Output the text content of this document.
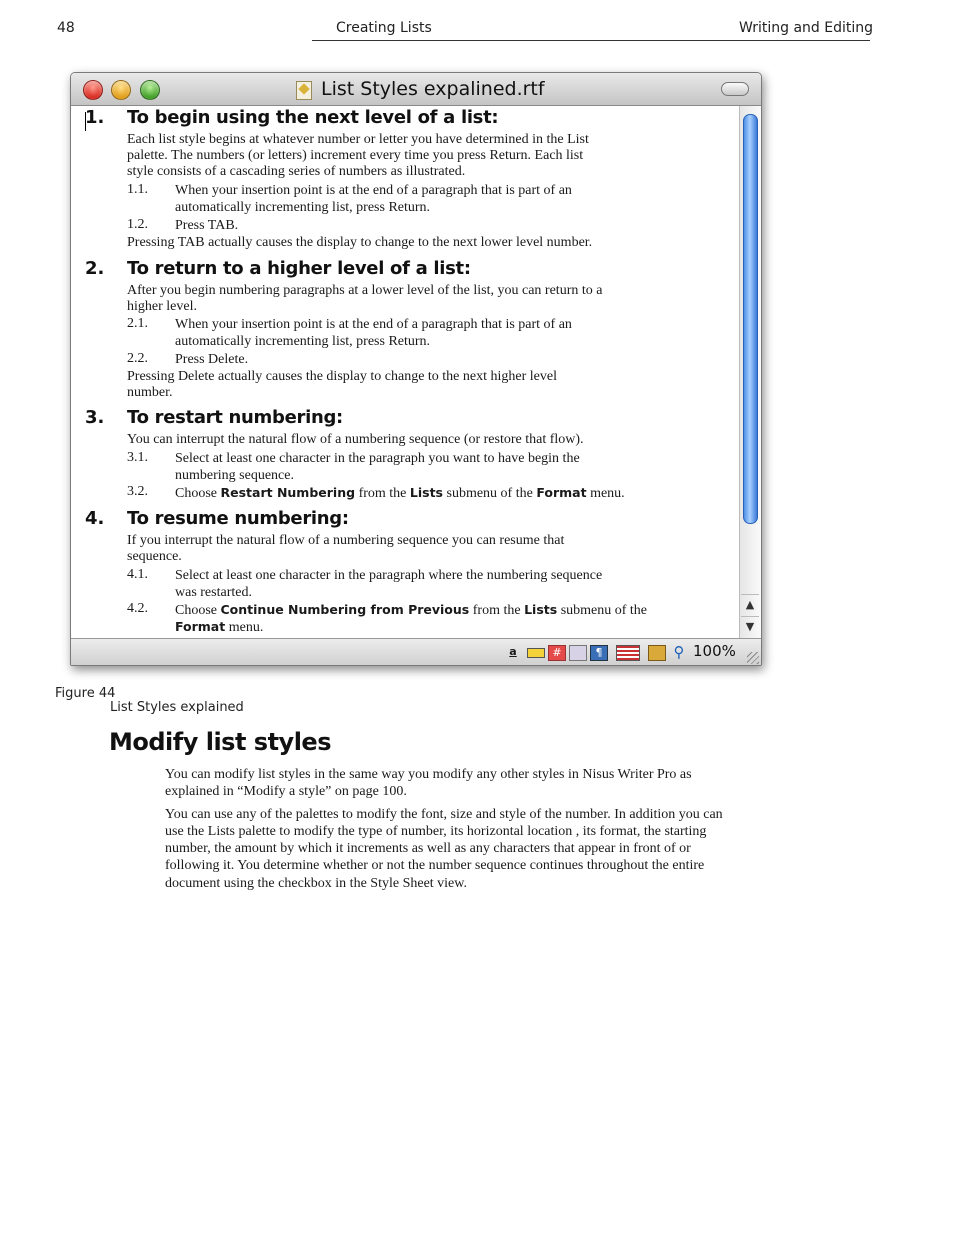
48	Creating Lists	Writing and Editing
List Styles expalined.rtf
1. To begin using the next level of a list:
Each list style begins at whatever number or letter you have determined in the List
palette. The numbers (or letters) increment every time you press Return. Each list
style consists of a cascading series of numbers as illustrated.
1.1. When your insertion point is at the end of a paragraph that is part of an
automatically incrementing list, press Return.
1.2. Press TAB.
Pressing TAB actually causes the display to change to the next lower level number.
2. To return to a higher level of a list:
After you begin numbering paragraphs at a lower level of the list, you can return to a
higher level.
2.1. When your insertion point is at the end of a paragraph that is part of an
automatically incrementing list, press Return.
2.2. Press Delete.
Pressing Delete actually causes the display to change to the next higher level
number.
3. To restart numbering:
You can interrupt the natural flow of a numbering sequence (or restore that flow).
3.1. Select at least one character in the paragraph you want to have begin the
numbering sequence.
3.2. Choose Restart Numbering from the Lists submenu of the Format menu.
4. To resume numbering:
If you interrupt the natural flow of a numbering sequence you can resume that
sequence.
4.1. Select at least one character in the paragraph where the numbering sequence
was restarted.
4.2. Choose Continue Numbering from Previous from the Lists submenu of the
Format menu.
▲
▼
a	#	¶	⚲ 100%
Figure 44
List Styles explained
Modify list styles
You can modify list styles in the same way you modify any other styles in Nisus Writer Pro as
explained in “Modify a style” on page 100.
You can use any of the palettes to modify the font, size and style of the number. In addition you can
use the Lists palette to modify the type of number, its horizontal location , its format, the starting
number, the amount by which it increments as well as any characters that appear in front of or
following it. You determine whether or not the number sequence continues throughout the entire
document using the checkbox in the Style Sheet view.
